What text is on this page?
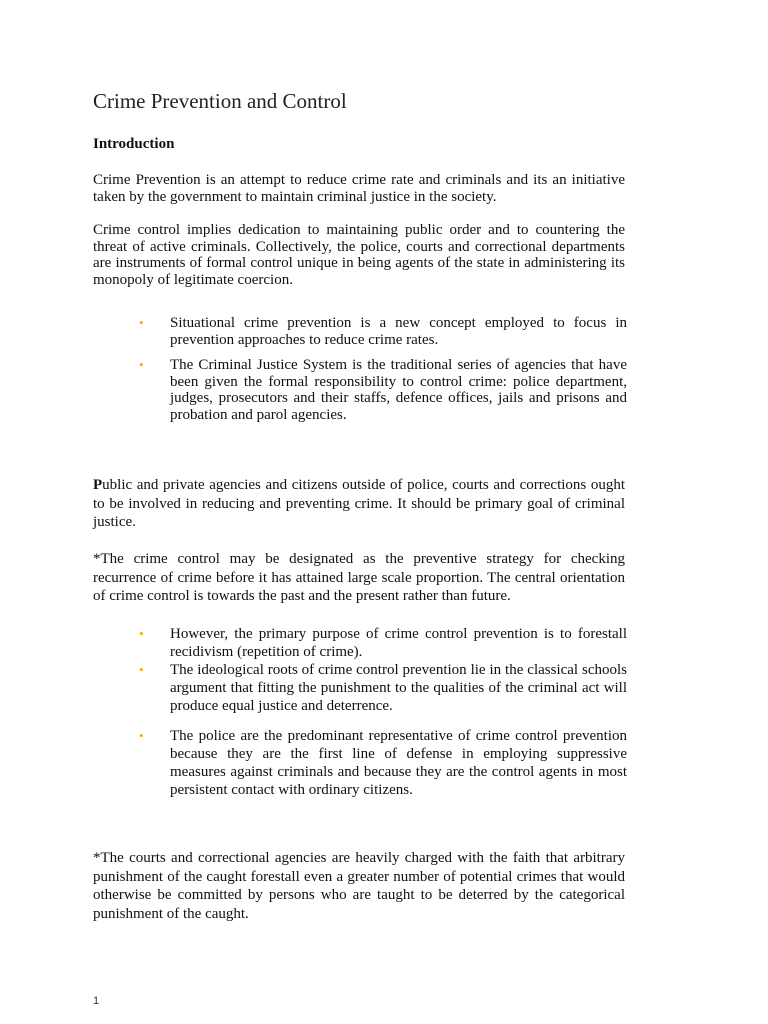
Crime Prevention and Control
Introduction

Crime Prevention is an attempt to reduce crime rate and criminals and its an initiative taken by the government to maintain criminal justice in the society.

Crime control implies dedication to maintaining public order and to countering the threat of active criminals. Collectively, the police, courts and correctional departments are instruments of formal control unique in being agents of the state in administering its monopoly of legitimate coercion.

• Situational crime prevention is a new concept employed to focus in prevention approaches to reduce crime rates.
• The Criminal Justice System is the traditional series of agencies that have been given the formal responsibility to control crime: police department, judges, prosecutors and their staffs, defence offices, jails and prisons and probation and parol agencies.

Public and private agencies and citizens outside of police, courts and corrections ought to be involved in reducing and preventing crime. It should be primary goal of criminal justice.

*The crime control may be designated as the preventive strategy for checking recurrence of crime before it has attained large scale proportion. The central orientation of crime control is towards the past and the present rather than future.

• However, the primary purpose of crime control prevention is to forestall recidivism (repetition of crime).
• The ideological roots of crime control prevention lie in the classical schools argument that fitting the punishment to the qualities of the criminal act will produce equal justice and deterrence.
• The police are the predominant representative of crime control prevention because they are the first line of defense in employing suppressive measures against criminals and because they are the control agents in most persistent contact with ordinary citizens.

*The courts and correctional agencies are heavily charged with the faith that arbitrary punishment of the caught forestall even a greater number of potential crimes that would otherwise be committed by persons who are taught to be deterred by the categorical punishment of the caught.

1
